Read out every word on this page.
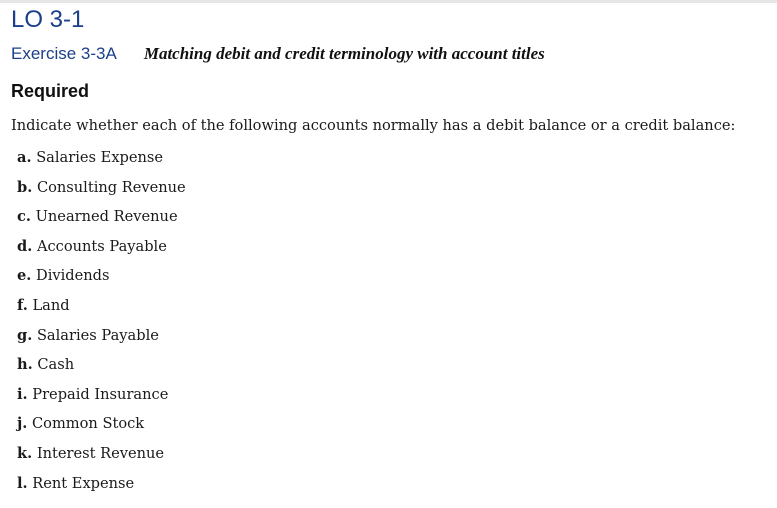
LO 3-1
Exercise 3-3A Matching debit and credit terminology with account titles
Required

Indicate whether each of the following accounts normally has a debit balance or a credit balance:

a. Salaries Expense
b. Consulting Revenue
c. Unearned Revenue
d. Accounts Payable
e. Dividends
f. Land
g. Salaries Payable
h. Cash
i. Prepaid Insurance
j. Common Stock
k. Interest Revenue
l. Rent Expense
